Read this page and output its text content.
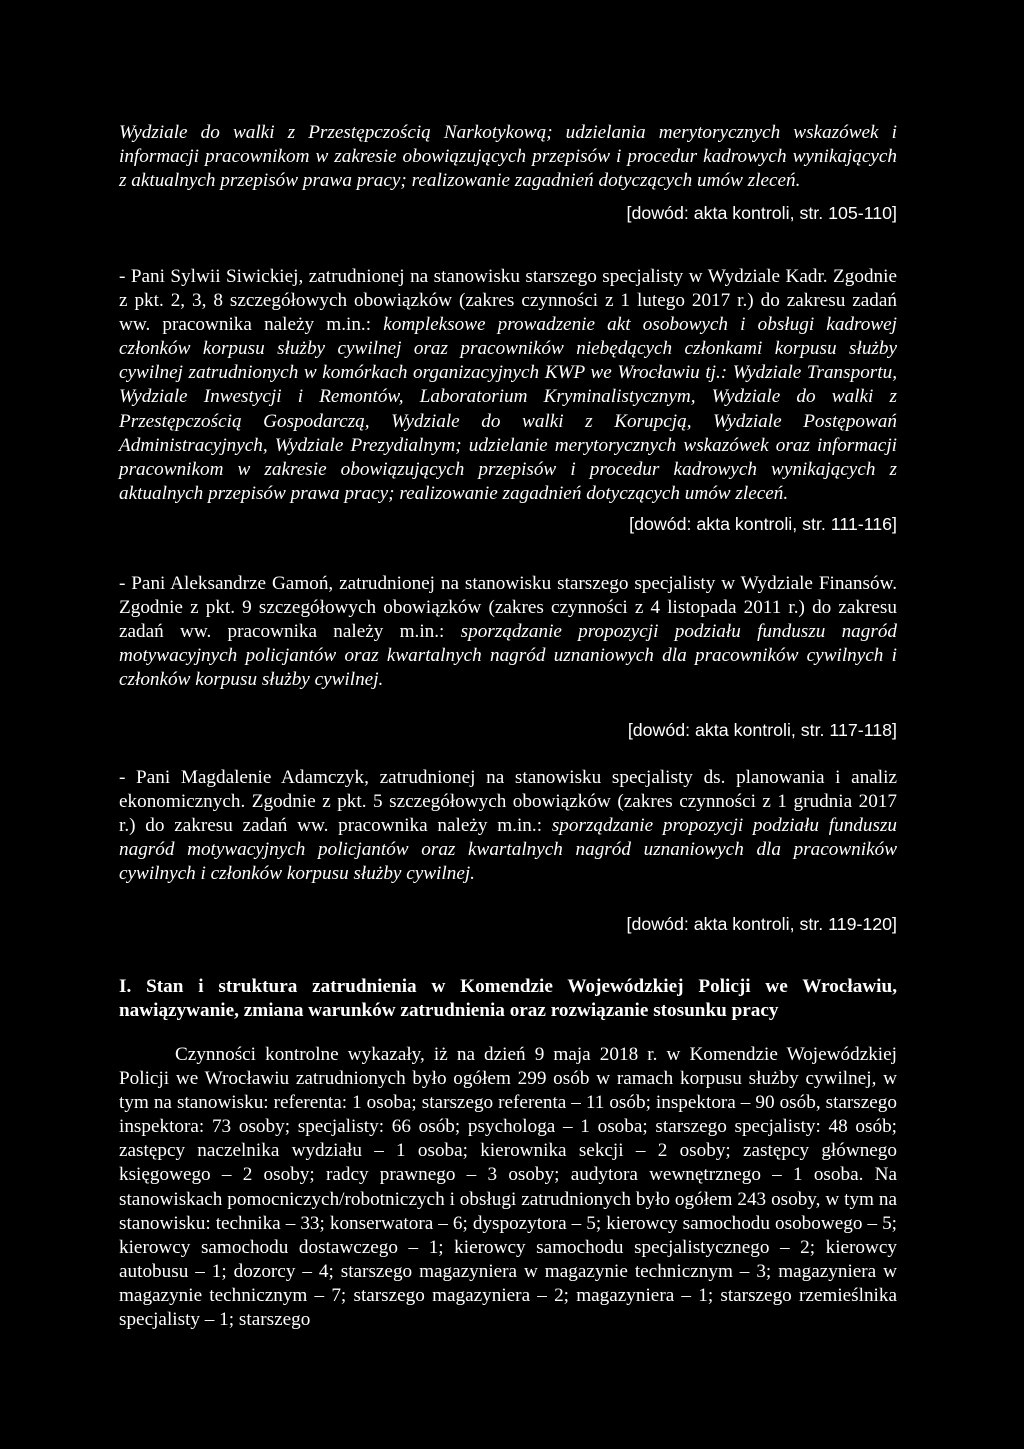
Wydziale do walki z Przestępczością Narkotykową; udzielania merytorycznych wskazówek i informacji pracownikom w zakresie obowiązujących przepisów i procedur kadrowych wynikających z aktualnych przepisów prawa pracy; realizowanie zagadnień dotyczących umów zleceń.

[dowód: akta kontroli, str. 105-110]

- Pani Sylwii Siwickiej, zatrudnionej na stanowisku starszego specjalisty w Wydziale Kadr. Zgodnie z pkt. 2, 3, 8 szczegółowych obowiązków (zakres czynności z 1 lutego 2017 r.) do zakresu zadań ww. pracownika należy m.in.: kompleksowe prowadzenie akt osobowych i obsługi kadrowej członków korpusu służby cywilnej oraz pracowników niebędących członkami korpusu służby cywilnej zatrudnionych w komórkach organizacyjnych KWP we Wrocławiu tj.: Wydziale Transportu, Wydziale Inwestycji i Remontów, Laboratorium Kryminalistycznym, Wydziale do walki z Przestępczością Gospodarczą, Wydziale do walki z Korupcją, Wydziale Postępowań Administracyjnych, Wydziale Prezydialnym; udzielanie merytorycznych wskazówek oraz informacji pracownikom w zakresie obowiązujących przepisów i procedur kadrowych wynikających z aktualnych przepisów prawa pracy; realizowanie zagadnień dotyczących umów zleceń.

[dowód: akta kontroli, str. 111-116]

- Pani Aleksandrze Gamoń, zatrudnionej na stanowisku starszego specjalisty w Wydziale Finansów. Zgodnie z pkt. 9 szczegółowych obowiązków (zakres czynności z 4 listopada 2011 r.) do zakresu zadań ww. pracownika należy m.in.: sporządzanie propozycji podziału funduszu nagród motywacyjnych policjantów oraz kwartalnych nagród uznaniowych dla pracowników cywilnych i członków korpusu służby cywilnej.

[dowód: akta kontroli, str. 117-118]

- Pani Magdalenie Adamczyk, zatrudnionej na stanowisku specjalisty ds. planowania i analiz ekonomicznych. Zgodnie z pkt. 5 szczegółowych obowiązków (zakres czynności z 1 grudnia 2017 r.) do zakresu zadań ww. pracownika należy m.in.: sporządzanie propozycji podziału funduszu nagród motywacyjnych policjantów oraz kwartalnych nagród uznaniowych dla pracowników cywilnych i członków korpusu służby cywilnej.

[dowód: akta kontroli, str. 119-120]

I. Stan i struktura zatrudnienia w Komendzie Wojewódzkiej Policji we Wrocławiu, nawiązywanie, zmiana warunków zatrudnienia oraz rozwiązanie stosunku pracy

Czynności kontrolne wykazały, iż na dzień 9 maja 2018 r. w Komendzie Wojewódzkiej Policji we Wrocławiu zatrudnionych było ogółem 299 osób w ramach korpusu służby cywilnej, w tym na stanowisku: referenta: 1 osoba; starszego referenta – 11 osób; inspektora – 90 osób, starszego inspektora: 73 osoby; specjalisty: 66 osób; psychologa – 1 osoba; starszego specjalisty: 48 osób; zastępcy naczelnika wydziału – 1 osoba; kierownika sekcji – 2 osoby; zastępcy głównego księgowego – 2 osoby; radcy prawnego – 3 osoby; audytora wewnętrznego – 1 osoba. Na stanowiskach pomocniczych/robotniczych i obsługi zatrudnionych było ogółem 243 osoby, w tym na stanowisku: technika – 33; konserwatora – 6; dyspozytora – 5; kierowcy samochodu osobowego – 5; kierowcy samochodu dostawczego – 1; kierowcy samochodu specjalistycznego – 2; kierowcy autobusu – 1; dozorcy – 4; starszego magazyniera w magazynie technicznym – 3; magazyniera w magazynie technicznym – 7; starszego magazyniera – 2; magazyniera – 1; starszego rzemieślnika specjalisty – 1; starszego
